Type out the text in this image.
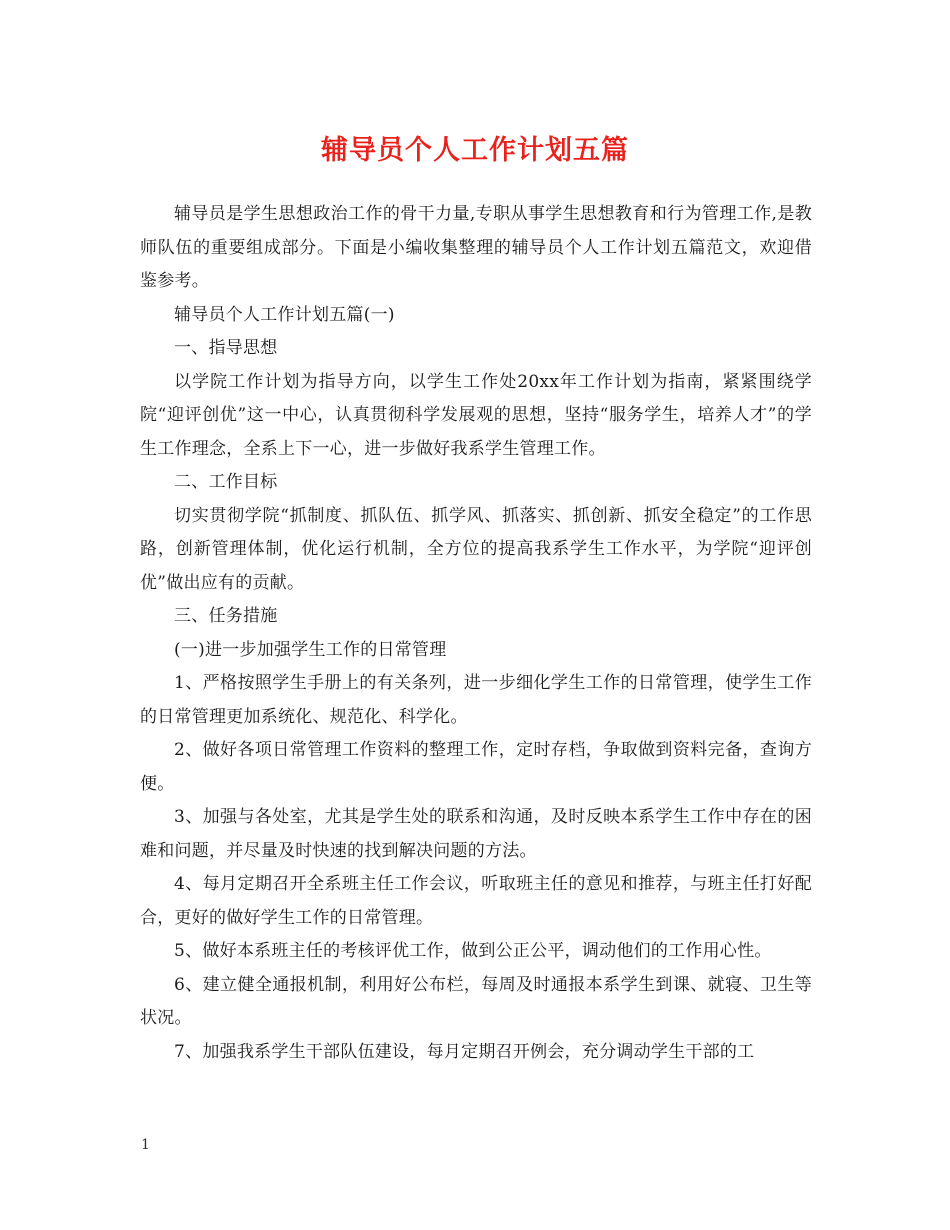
辅导员个人工作计划五篇

辅导员是学生思想政治工作的骨干力量,专职从事学生思想教育和行为管理工作,是教师队伍的重要组成部分。下面是小编收集整理的辅导员个人工作计划五篇范文，欢迎借鉴参考。

辅导员个人工作计划五篇(一)

一、指导思想

以学院工作计划为指导方向，以学生工作处20xx年工作计划为指南，紧紧围绕学院“迎评创优”这一中心，认真贯彻科学发展观的思想，坚持“服务学生，培养人才”的学生工作理念，全系上下一心，进一步做好我系学生管理工作。

二、工作目标

切实贯彻学院“抓制度、抓队伍、抓学风、抓落实、抓创新、抓安全稳定”的工作思路，创新管理体制，优化运行机制，全方位的提高我系学生工作水平，为学院“迎评创优”做出应有的贡献。

三、任务措施

(一)进一步加强学生工作的日常管理

1、严格按照学生手册上的有关条列，进一步细化学生工作的日常管理，使学生工作的日常管理更加系统化、规范化、科学化。

2、做好各项日常管理工作资料的整理工作，定时存档，争取做到资料完备，查询方便。

3、加强与各处室，尤其是学生处的联系和沟通，及时反映本系学生工作中存在的困难和问题，并尽量及时快速的找到解决问题的方法。

4、每月定期召开全系班主任工作会议，听取班主任的意见和推荐，与班主任打好配合，更好的做好学生工作的日常管理。

5、做好本系班主任的考核评优工作，做到公正公平，调动他们的工作用心性。

6、建立健全通报机制，利用好公布栏，每周及时通报本系学生到课、就寝、卫生等状况。

7、加强我系学生干部队伍建设，每月定期召开例会，充分调动学生干部的工

1
